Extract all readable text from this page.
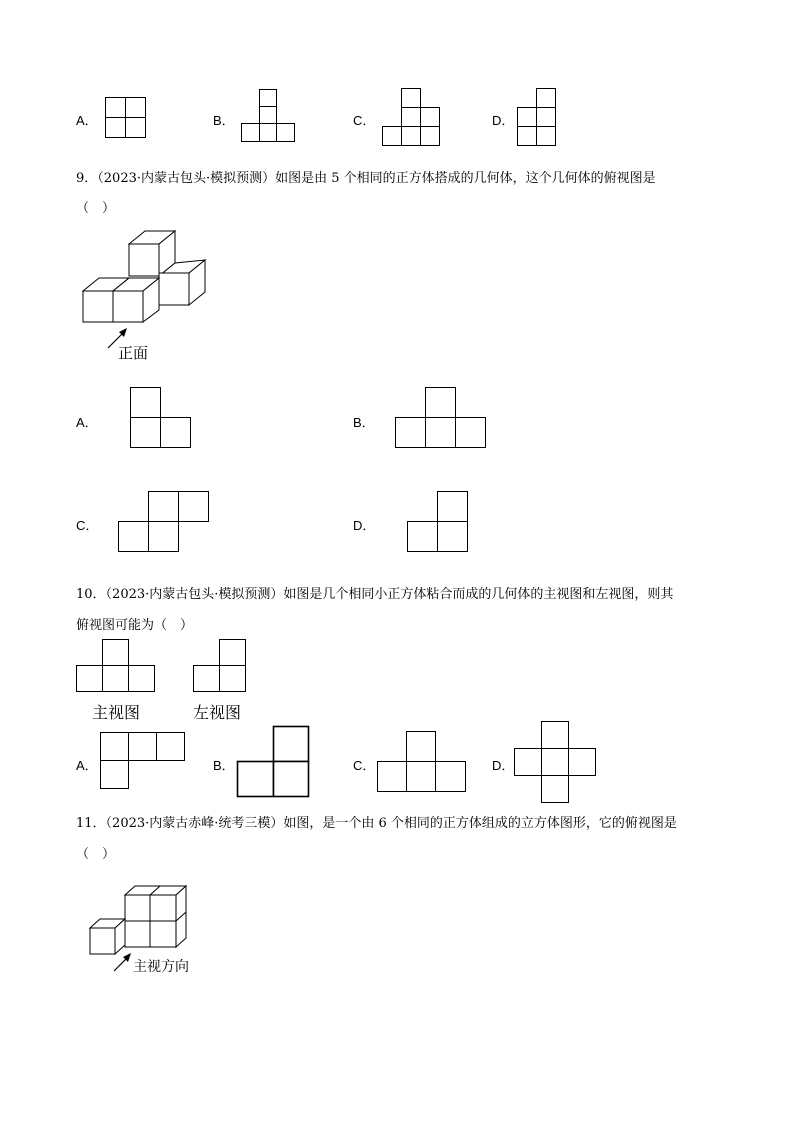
A．	B．	C．	D．
9．（2023·内蒙古包头·模拟预测）如图是由 5 个相同的正方体搭成的几何体，这个几何体的俯视图是
（　）
正面
A．	B．
C．	D．
10．（2023·内蒙古包头·模拟预测）如图是几个相同小正方体粘合而成的几何体的主视图和左视图，则其
俯视图可能为（　）
主视图	左视图
A．	B．	C．	D．
11．（2023·内蒙古赤峰·统考三模）如图，是一个由 6 个相同的正方体组成的立方体图形，它的俯视图是
（　）
主视方向
